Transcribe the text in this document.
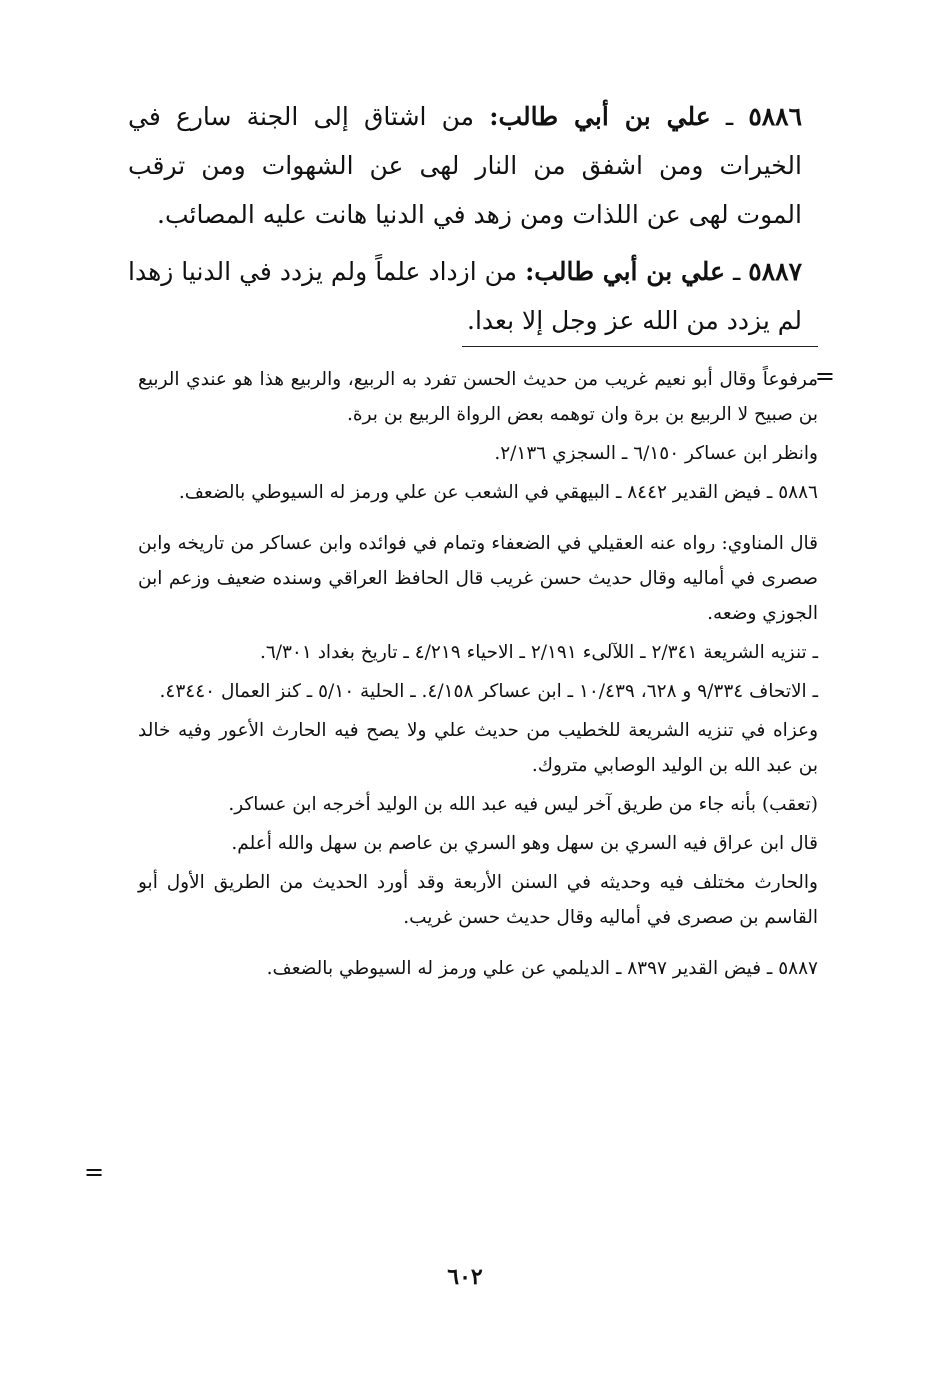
٥٨٨٦ ـ علي بن أبي طالب: من اشتاق إلى الجنة سارع في الخيرات ومن اشفق من النار لهى عن الشهوات ومن ترقب الموت لهى عن اللذات ومن زهد في الدنيا هانت عليه المصائب.

٥٨٨٧ ـ علي بن أبي طالب: من ازداد علماً ولم يزدد في الدنيا زهدا لم يزدد من الله عز وجل إلا بعدا.

=

مرفوعاً وقال أبو نعيم غريب من حديث الحسن تفرد به الربيع، والربيع هذا هو عندي الربيع بن صبيح لا الربيع بن برة وان توهمه بعض الرواة الربيع بن برة.

وانظر ابن عساكر ٦/١٥٠ ـ السجزي ٢/١٣٦.

٥٨٨٦ ـ فيض القدير ٨٤٤٢ ـ البيهقي في الشعب عن علي ورمز له السيوطي بالضعف.

قال المناوي: رواه عنه العقيلي في الضعفاء وتمام في فوائده وابن عساكر من تاريخه وابن صصرى في أماليه وقال حديث حسن غريب قال الحافظ العراقي وسنده ضعيف وزعم ابن الجوزي وضعه.

ـ تنزيه الشريعة ٢/٣٤١ ـ اللآلىء ٢/١٩١ ـ الاحياء ٤/٢١٩ ـ تاريخ بغداد ٦/٣٠١.

ـ الاتحاف ٩/٣٣٤ و ٦٢٨، ١٠/٤٣٩ ـ ابن عساكر ٤/١٥٨. ـ الحلية ٥/١٠ ـ كنز العمال ٤٣٤٤٠.

وعزاه في تنزيه الشريعة للخطيب من حديث علي ولا يصح فيه الحارث الأعور وفيه خالد بن عبد الله بن الوليد الوصابي متروك.

(تعقب) بأنه جاء من طريق آخر ليس فيه عبد الله بن الوليد أخرجه ابن عساكر.

قال ابن عراق فيه السري بن سهل وهو السري بن عاصم بن سهل والله أعلم.

والحارث مختلف فيه وحديثه في السنن الأربعة وقد أورد الحديث من الطريق الأول أبو القاسم بن صصرى في أماليه وقال حديث حسن غريب.

٥٨٨٧ ـ فيض القدير ٨٣٩٧ ـ الديلمي عن علي ورمز له السيوطي بالضعف.

=
٦٠٢
